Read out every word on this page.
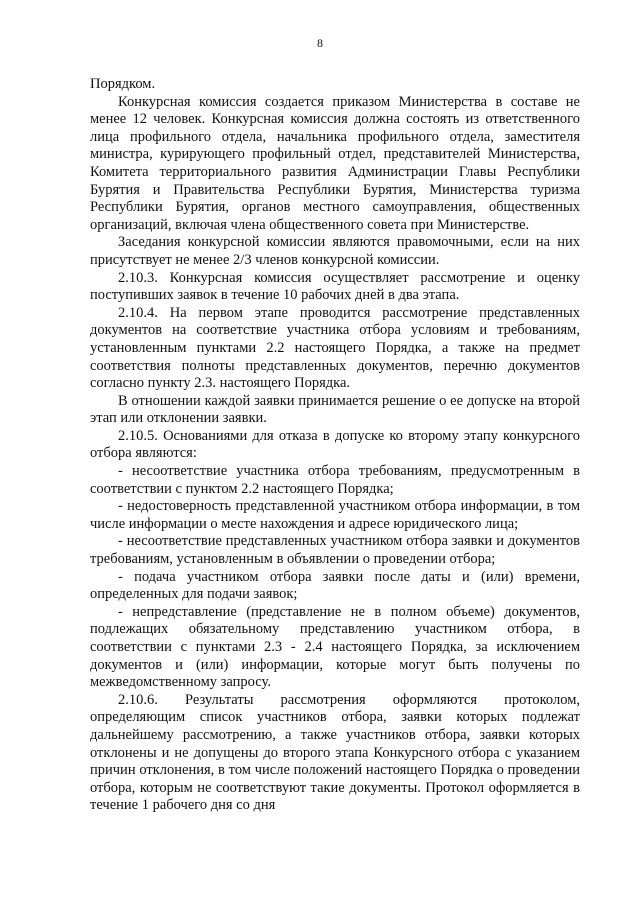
8

Порядком.

Конкурсная комиссия создается приказом Министерства в составе не менее 12 человек. Конкурсная комиссия должна состоять из ответственного лица профильного отдела, начальника профильного отдела, заместителя министра, курирующего профильный отдел, представителей Министерства, Комитета территориального развития Администрации Главы Республики Бурятия и Правительства Республики Бурятия, Министерства туризма Республики Бурятия, органов местного самоуправления, общественных организаций, включая члена общественного совета при Министерстве.

Заседания конкурсной комиссии являются правомочными, если на них присутствует не менее 2/3 членов конкурсной комиссии.

2.10.3. Конкурсная комиссия осуществляет рассмотрение и оценку поступивших заявок в течение 10 рабочих дней в два этапа.

2.10.4. На первом этапе проводится рассмотрение представленных документов на соответствие участника отбора условиям и требованиям, установленным пунктами 2.2 настоящего Порядка, а также на предмет соответствия полноты представленных документов, перечню документов согласно пункту 2.3. настоящего Порядка.

В отношении каждой заявки принимается решение о ее допуске на второй этап или отклонении заявки.

2.10.5. Основаниями для отказа в допуске ко второму этапу конкурсного отбора являются:

- несоответствие участника отбора требованиям, предусмотренным в соответствии с пунктом 2.2 настоящего Порядка;

- недостоверность представленной участником отбора информации, в том числе информации о месте нахождения и адресе юридического лица;

- несоответствие представленных участником отбора заявки и документов требованиям, установленным в объявлении о проведении отбора;

- подача участником отбора заявки после даты и (или) времени, определенных для подачи заявок;

- непредставление (представление не в полном объеме) документов, подлежащих обязательному представлению участником отбора, в соответствии с пунктами 2.3 - 2.4 настоящего Порядка, за исключением документов и (или) информации, которые могут быть получены по межведомственному запросу.

2.10.6. Результаты рассмотрения оформляются протоколом, определяющим список участников отбора, заявки которых подлежат дальнейшему рассмотрению, а также участников отбора, заявки которых отклонены и не допущены до второго этапа Конкурсного отбора с указанием причин отклонения, в том числе положений настоящего Порядка о проведении отбора, которым не соответствуют такие документы. Протокол оформляется в течение 1 рабочего дня со дня
